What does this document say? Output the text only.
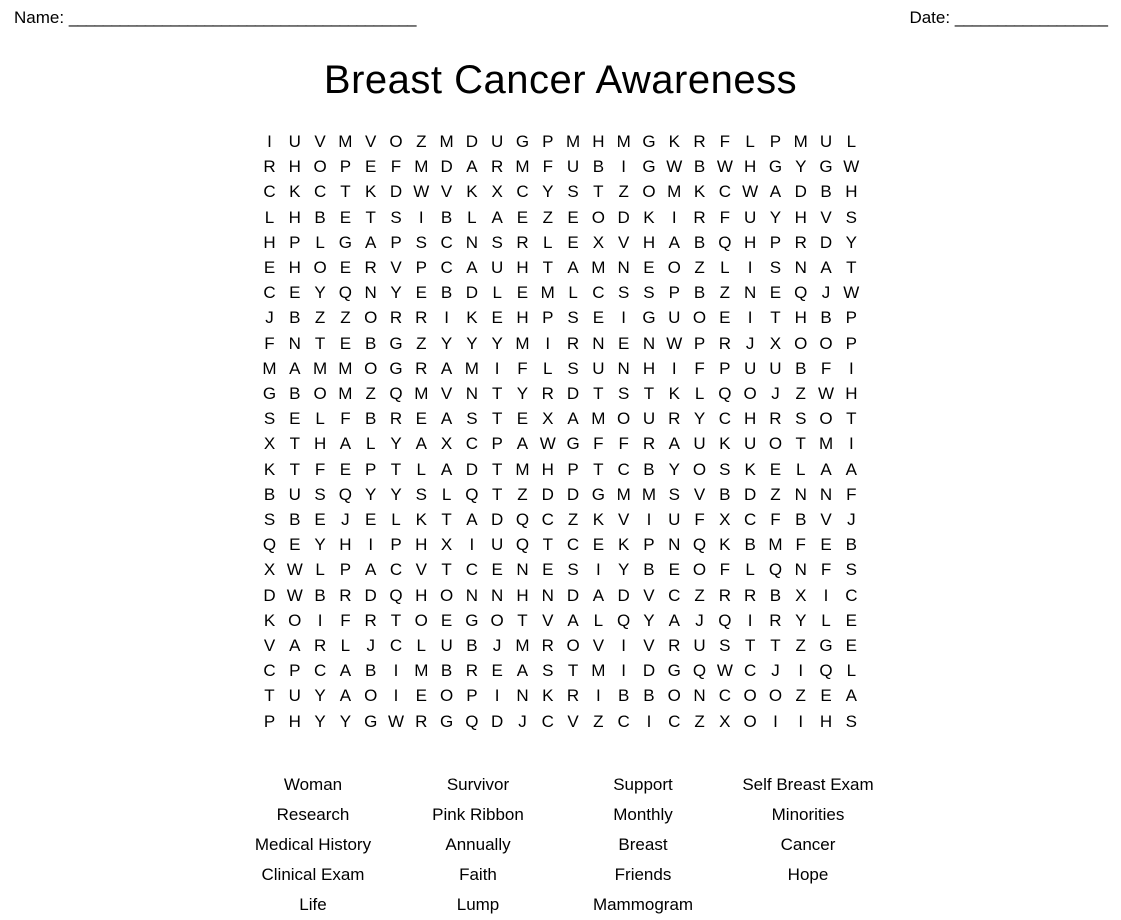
Name: _________________________________________	Date: __________________
Breast Cancer Awareness
I U V M V O Z M D U G P M H M G K R F L P M U L
R H O P E F M D A R M F U B	I G W B W H G Y G W
C K C T K D W V K X C Y S T Z O M K C W A D B H
L H B E T S	I	B L A E Z E O D K	I R F U Y H V S
H P L G A P S C N S R L E X V H A B Q H P R D Y
E H O E R V P C A U H T A M N E O Z L	I	S N A T
C E Y Q N Y E B D L E M L C S S P B Z N E Q J W
J B Z Z O R R I	K E H P S E	I G U O E	I	T H B P
F N T E B G Z Y Y Y M I R N E N W P R J X O O P
M A M M O G R A M I	F L S U N H I	F P U U B F	I
G B O M Z Q M V N T Y R D T S T K L Q O J Z W H
S E L F B R E A S T E X A M O U R Y C H R S O T
X T H A L Y A X C P A W G F F R A U K U O T M I
K T F E P T L A D T M H P T C B Y O S K E L A A
B U S Q Y Y S L Q T Z D D G M M S V B D Z N N F
S B E J E L K T A D Q C Z K V	I U F X C F B V J
Q E Y H I	P H X	I U Q T C E K P N Q K B M F E B
X W L P A C V T C E N E S	I	Y B E O F L Q N F S
D W B R D Q H O N N H N D A D V C Z R R B X	I C
K O I	F R T O E G O T V A L Q Y A J Q I R Y L E
V A R L J C L U B J M R O V	I	V R U S T T Z G E
C P C A B	I M B R E A S T M I D G Q W C J	I Q L
T U Y A O I	E O P	I N K R I	B B O N C O O Z E A
P H Y Y G W R G Q D J C V Z C I C Z X O I	I H S
Woman	Survivor	Support	Self Breast Exam
Research	Pink Ribbon	Monthly	Minorities
Medical History	Annually	Breast	Cancer
Clinical Exam	Faith	Friends	Hope
Life	Lump	Mammogram
